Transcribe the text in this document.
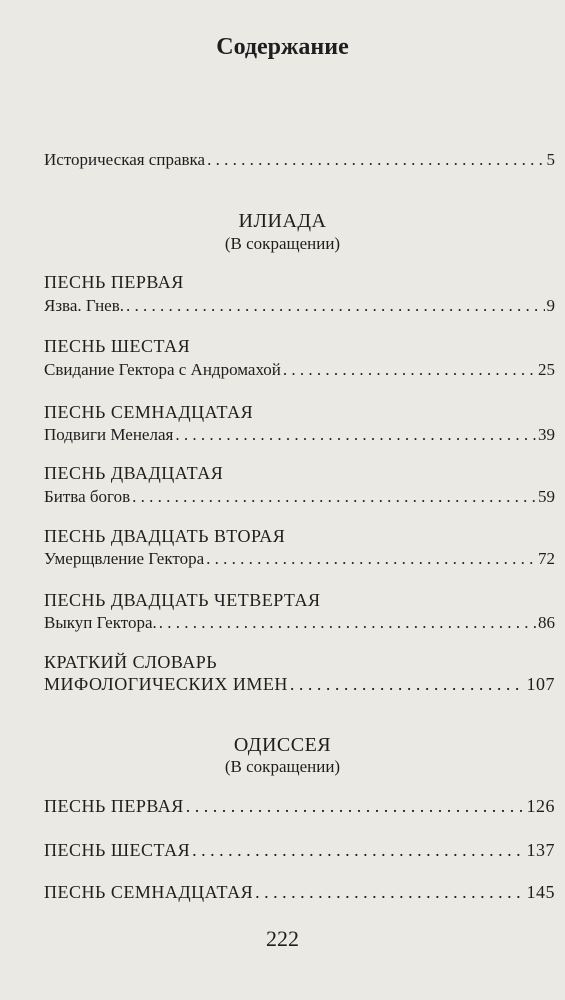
Содержание
Историческая справка . . .	5
ИЛИАДА
(В сокращении)
ПЕСНЬ ПЕРВАЯ
Язва. Гнев. . . .	9
ПЕСНЬ ШЕСТАЯ
Свидание Гектора с Андромахой . . .	25
ПЕСНЬ СЕМНАДЦАТАЯ
Подвиги Менелая . . .	39
ПЕСНЬ ДВАДЦАТАЯ
Битва богов . . .	59
ПЕСНЬ ДВАДЦАТЬ ВТОРАЯ
Умерщвление Гектора . . .	72
ПЕСНЬ ДВАДЦАТЬ ЧЕТВЕРТАЯ
Выкуп Гектора. . . .	86
КРАТКИЙ СЛОВАРЬ
МИФОЛОГИЧЕСКИХ ИМЕН . . .	107
ОДИССЕЯ
(В сокращении)
ПЕСНЬ ПЕРВАЯ . . .	126
ПЕСНЬ ШЕСТАЯ . . .	137
ПЕСНЬ СЕМНАДЦАТАЯ . . .	145
222
